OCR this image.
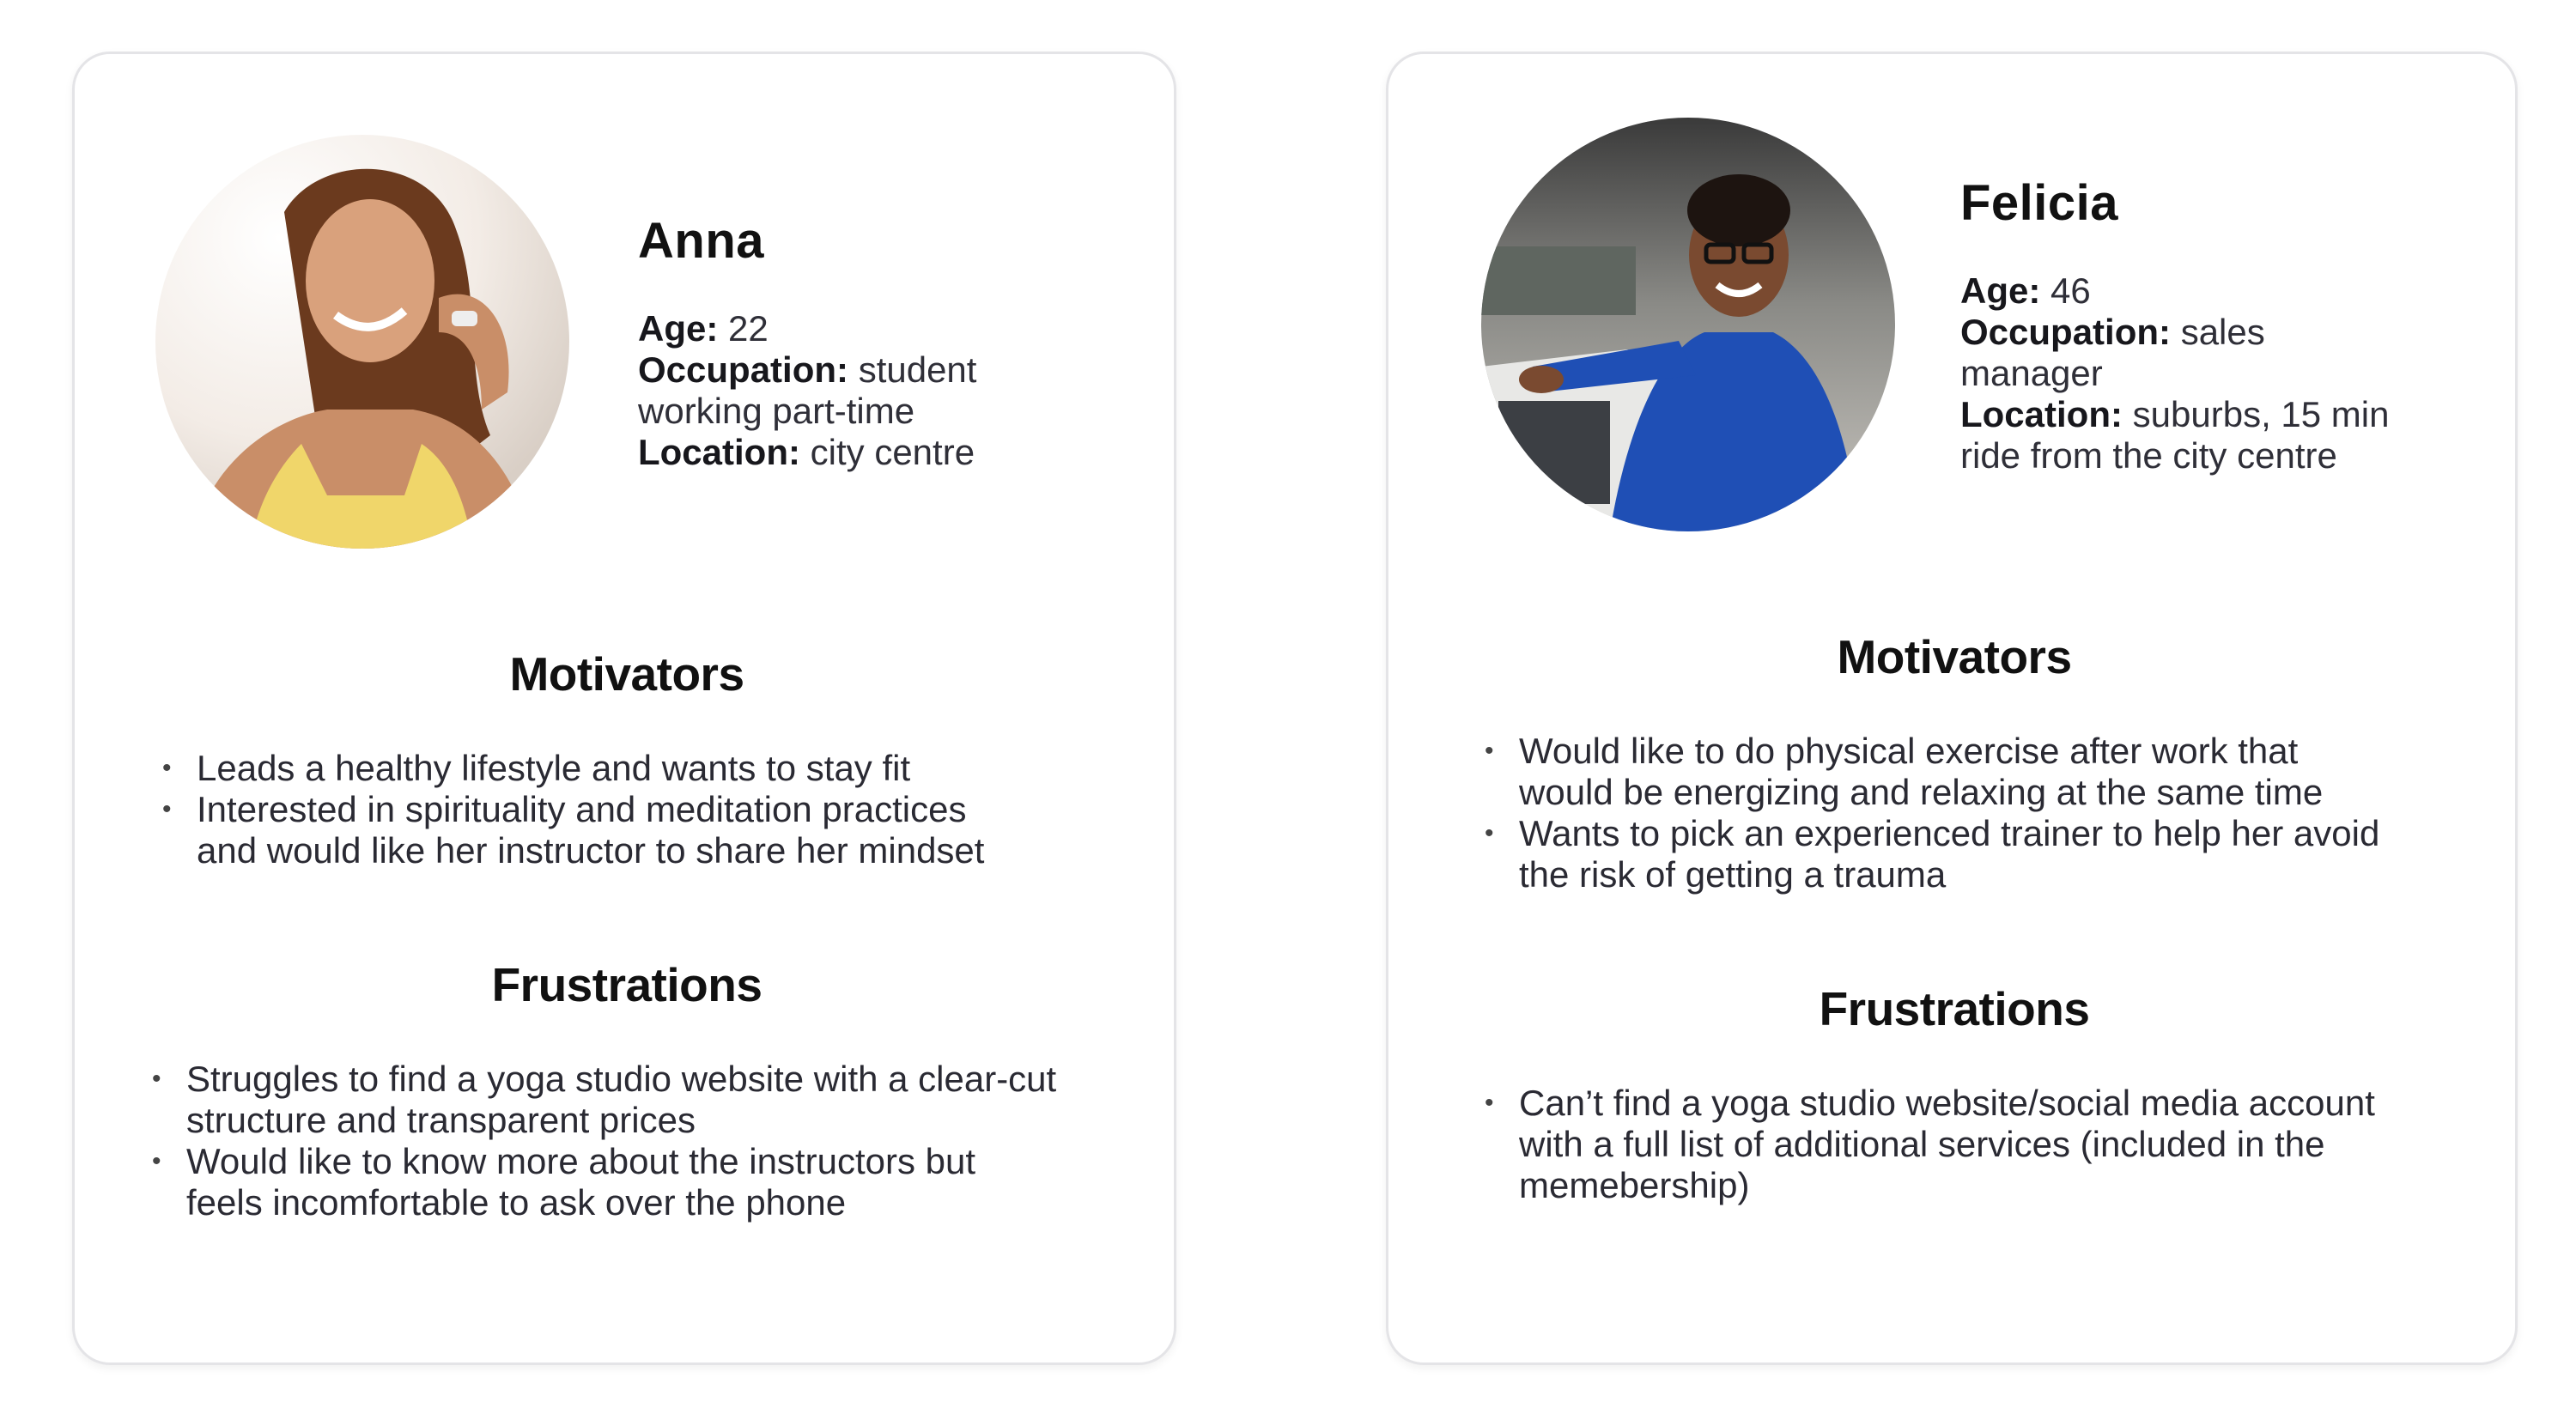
Anna
Age: 22
Occupation: student
working part-time
Location: city centre
Motivators
• Leads a healthy lifestyle and wants to stay fit
• Interested in spirituality and meditation practices
and would like her instructor to share her mindset
Frustrations
• Struggles to find a yoga studio website with a clear-cut
structure and transparent prices
• Would like to know more about the instructors but
feels incomfortable to ask over the phone
Felicia
Age: 46
Occupation: sales
manager
Location: suburbs, 15 min
ride from the city centre
Motivators
• Would like to do physical exercise after work that
would be energizing and relaxing at the same time
• Wants to pick an experienced trainer to help her avoid
the risk of getting a trauma
Frustrations
• Can’t find a yoga studio website/social media account
with a full list of additional services (included in the
memebership)
